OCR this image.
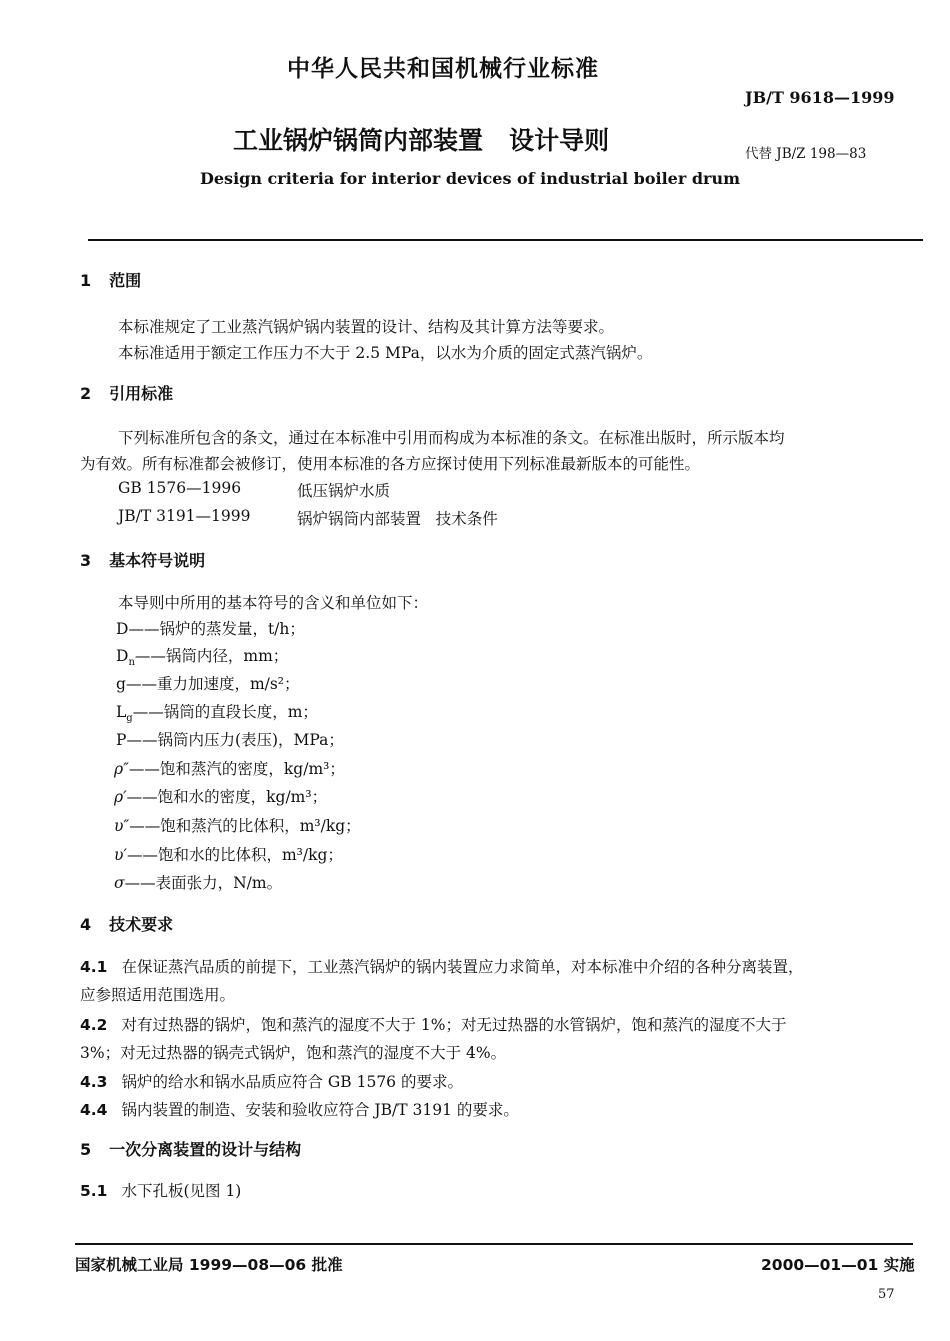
中华人民共和国机械行业标准
JB/T 9618—1999
工业锅炉锅筒内部装置   设计导则	代替 JB/Z 198—83
Design criteria for interior devices of industrial boiler drum
1 范围
本标准规定了工业蒸汽锅炉锅内装置的设计、结构及其计算方法等要求。
本标准适用于额定工作压力不大于 2.5 MPa，以水为介质的固定式蒸汽锅炉。
2 引用标准
下列标准所包含的条文，通过在本标准中引用而构成为本标准的条文。在标准出版时，所示版本均
为有效。所有标准都会被修订，使用本标准的各方应探讨使用下列标准最新版本的可能性。
GB 1576—1996	低压锅炉水质
JB/T 3191—1999	锅炉锅筒内部装置   技术条件
3 基本符号说明
本导则中所用的基本符号的含义和单位如下：
D——锅炉的蒸发量，t/h；
$D_n——$锅筒内径，mm；
g——重力加速度，m/s²；
$L_g——$锅筒的直段长度，m；
P——锅筒内压力(表压)，MPa；
ρ″——饱和蒸汽的密度，kg/m³；
ρ′——饱和水的密度，kg/m³；
υ″——饱和蒸汽的比体积，m³/kg；
υ′——饱和水的比体积，m³/kg；
σ——表面张力，N/m。
4 技术要求
4.1 在保证蒸汽品质的前提下，工业蒸汽锅炉的锅内装置应力求简单，对本标准中介绍的各种分离装置，
应参照适用范围选用。
4.2 对有过热器的锅炉，饱和蒸汽的湿度不大于 1%；对无过热器的水管锅炉，饱和蒸汽的湿度不大于
3%；对无过热器的锅壳式锅炉，饱和蒸汽的湿度不大于 4%。
4.3 锅炉的给水和锅水品质应符合 GB 1576 的要求。
4.4 锅内装置的制造、安装和验收应符合 JB/T 3191 的要求。
5 一次分离装置的设计与结构
5.1 水下孔板(见图 1)
国家机械工业局 1999—08—06 批准	2000—01—01 实施
57
